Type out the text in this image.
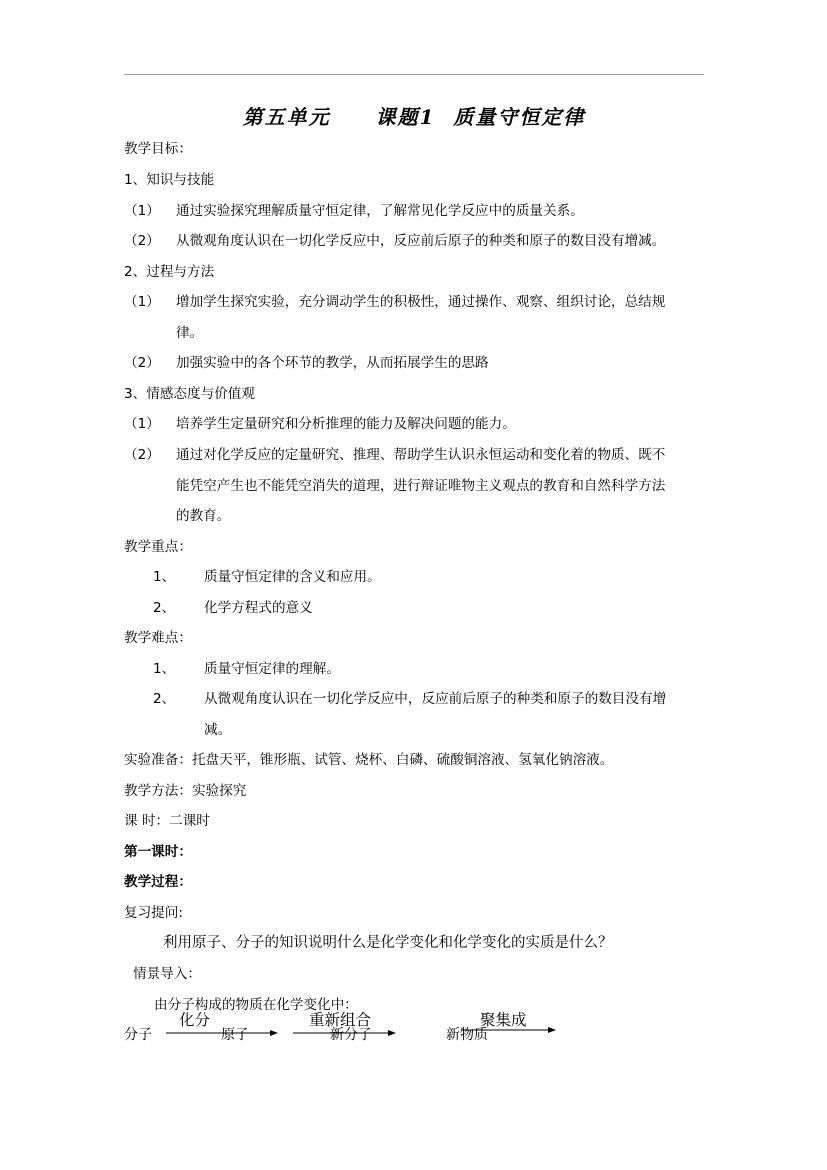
第五单元     课题1  质量守恒定律
教学目标：
1、知识与技能
（1） 通过实验探究理解质量守恒定律，了解常见化学反应中的质量关系。
（2） 从微观角度认识在一切化学反应中，反应前后原子的种类和原子的数目没有增减。
2、过程与方法
（1） 增加学生探究实验，充分调动学生的积极性，通过操作、观察、组织讨论，总结规
律。
（2） 加强实验中的各个环节的教学，从而拓展学生的思路
3、情感态度与价值观
（1） 培养学生定量研究和分析推理的能力及解决问题的能力。
（2） 通过对化学反应的定量研究、推理、帮助学生认识永恒运动和变化着的物质、既不
能凭空产生也不能凭空消失的道理，进行辩证唯物主义观点的教育和自然科学方法
的教育。
教学重点：
1、 质量守恒定律的含义和应用。
2、 化学方程式的意义
教学难点：
1、 质量守恒定律的理解。
2、 从微观角度认识在一切化学反应中，反应前后原子的种类和原子的数目没有增
减。
实验准备：托盘天平，锥形瓶、试管、烧杯、白磷、硫酸铜溶液、氢氧化钠溶液。
教学方法：实验探究
课 时：二课时
第一课时：
教学过程：
复习提问:
利用原子、分子的知识说明什么是化学变化和化学变化的实质是什么？
情景导入：
由分子构成的物质在化学变化中：
分子
化分
原子
重新组合
新分子	新物质
聚集成
